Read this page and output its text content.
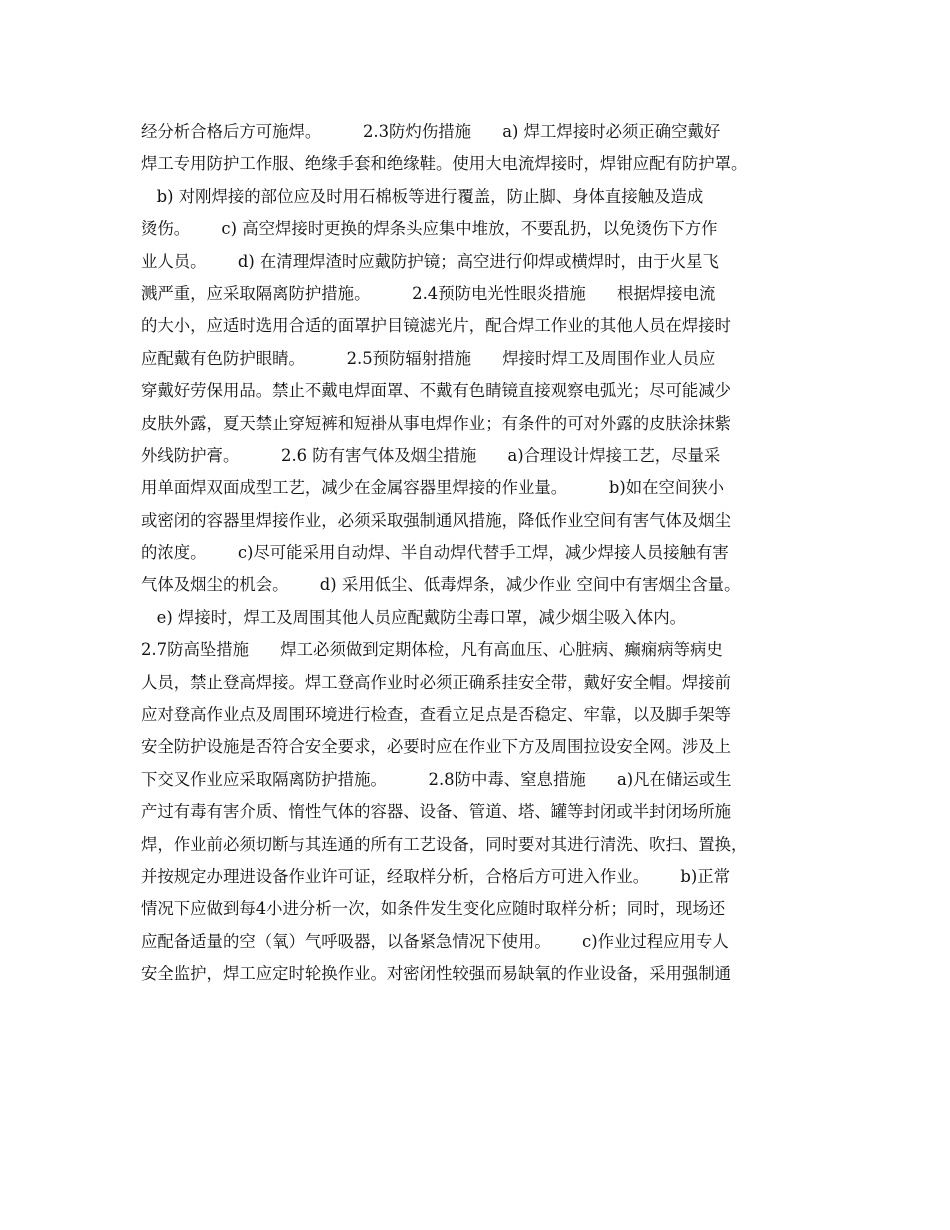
经分析合格后方可施焊。        2.3防灼伤措施      a) 焊工焊接时必须正确空戴好
焊工专用防护工作服、绝缘手套和绝缘鞋。使用大电流焊接时，焊钳应配有防护罩。
b) 对刚焊接的部位应及时用石棉板等进行覆盖，防止脚、身体直接触及造成
烫伤。      c) 高空焊接时更换的焊条头应集中堆放，不要乱扔，以免烫伤下方作
业人员。      d) 在清理焊渣时应戴防护镜；高空进行仰焊或横焊时，由于火星飞
溅严重，应采取隔离防护措施。        2.4预防电光性眼炎措施      根据焊接电流
的大小，应适时选用合适的面罩护目镜滤光片，配合焊工作业的其他人员在焊接时
应配戴有色防护眼睛。        2.5预防辐射措施      焊接时焊工及周围作业人员应
穿戴好劳保用品。禁止不戴电焊面罩、不戴有色睛镜直接观察电弧光；尽可能减少
皮肤外露，夏天禁止穿短裤和短褂从事电焊作业；有条件的可对外露的皮肤涂抹紫
外线防护膏。        2.6 防有害气体及烟尘措施      a)合理设计焊接工艺，尽量采
用单面焊双面成型工艺，减少在金属容器里焊接的作业量。        b)如在空间狭小
或密闭的容器里焊接作业，必须采取强制通风措施，降低作业空间有害气体及烟尘
的浓度。      c)尽可能采用自动焊、半自动焊代替手工焊，减少焊接人员接触有害
气体及烟尘的机会。      d) 采用低尘、低毒焊条，减少作业 空间中有害烟尘含量。
e) 焊接时，焊工及周围其他人员应配戴防尘毒口罩，减少烟尘吸入体内。
2.7防高坠措施      焊工必须做到定期体检，凡有高血压、心脏病、癫痫病等病史
人员，禁止登高焊接。焊工登高作业时必须正确系挂安全带，戴好安全帽。焊接前
应对登高作业点及周围环境进行检查，查看立足点是否稳定、牢靠，以及脚手架等
安全防护设施是否符合安全要求，必要时应在作业下方及周围拉设安全网。涉及上
下交叉作业应采取隔离防护措施。        2.8防中毒、窒息措施      a)凡在储运或生
产过有毒有害介质、惰性气体的容器、设备、管道、塔、罐等封闭或半封闭场所施
焊，作业前必须切断与其连通的所有工艺设备，同时要对其进行清洗、吹扫、置换，
并按规定办理进设备作业许可证，经取样分析，合格后方可进入作业。      b)正常
情况下应做到每4小进分析一次，如条件发生变化应随时取样分析；同时，现场还
应配备适量的空（氧）气呼吸器，以备紧急情况下使用。      c)作业过程应用专人
安全监护，焊工应定时轮换作业。对密闭性较强而易缺氧的作业设备，采用强制通
